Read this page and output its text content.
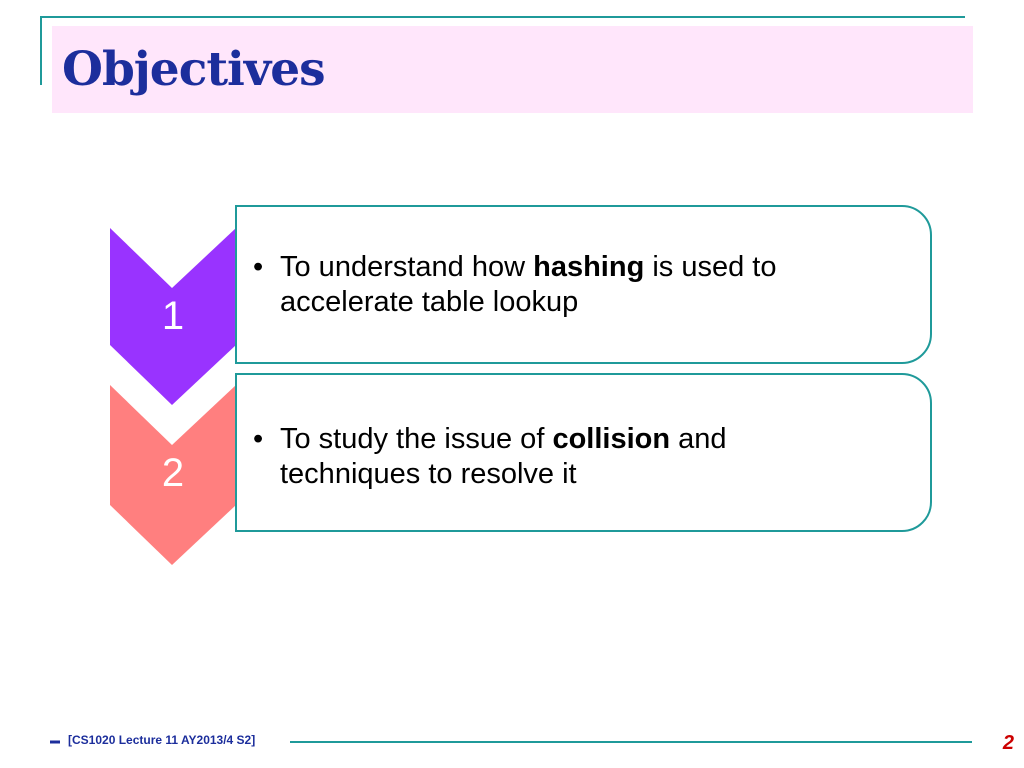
Objectives
1
2
• To understand how hashing is used to
accelerate table lookup
• To study the issue of collision and
techniques to resolve it
[CS1020 Lecture 11 AY2013/4 S2]	2
